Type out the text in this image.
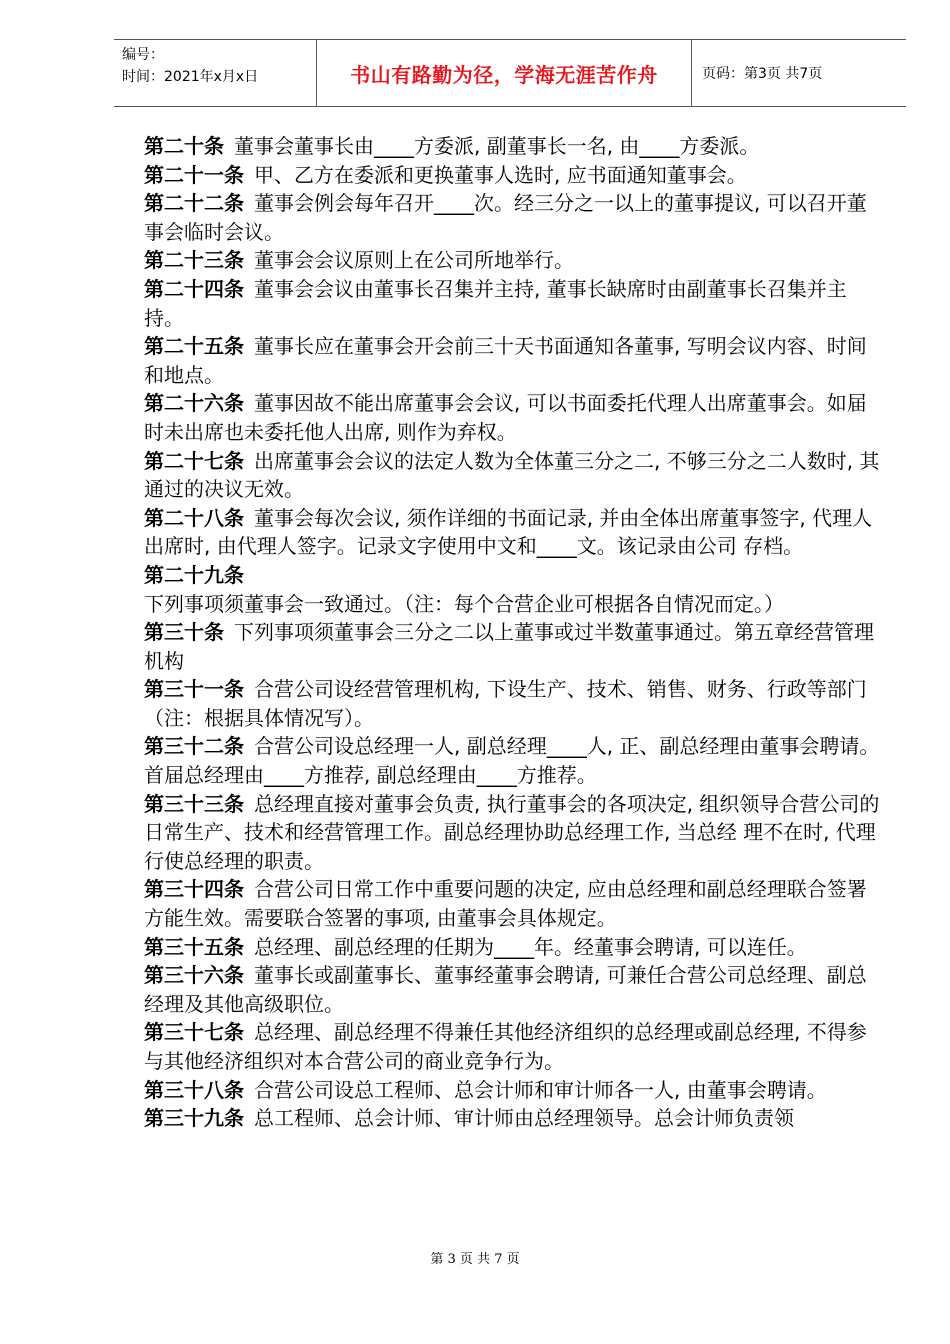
编号：
时间：2021年x月x日	书山有路勤为径，学海无涯苦作舟	页码：第3页 共7页

第二十条 董事会董事长由____方委派, 副董事长一名, 由____方委派。

第二十一条 甲、乙方在委派和更换董事人选时, 应书面通知董事会。

第二十二条 董事会例会每年召开____次。经三分之一以上的董事提议, 可以召开董事会临时会议。

第二十三条 董事会会议原则上在公司所地举行。

第二十四条 董事会会议由董事长召集并主持, 董事长缺席时由副董事长召集并主持。

第二十五条 董事长应在董事会开会前三十天书面通知各董事, 写明会议内容、时间和地点。

第二十六条 董事因故不能出席董事会会议, 可以书面委托代理人出席董事会。如届时未出席也未委托他人出席, 则作为弃权。

第二十七条 出席董事会会议的法定人数为全体董三分之二, 不够三分之二人数时, 其通过的决议无效。

第二十八条 董事会每次会议, 须作详细的书面记录, 并由全体出席董事签字, 代理人出席时, 由代理人签字。记录文字使用中文和____文。该记录由公司 存档。

第二十九条下列事项须董事会一致通过。（注：每个合营企业可根据各自情况而定。）

第三十条 下列事项须董事会三分之二以上董事或过半数董事通过。第五章经营管理机构

第三十一条 合营公司设经营管理机构, 下设生产、技术、销售、财务、行政等部门（注：根据具体情况写）。

第三十二条 合营公司设总经理一人, 副总经理____人, 正、副总经理由董事会聘请。首届总经理由____方推荐, 副总经理由____方推荐。

第三十三条 总经理直接对董事会负责, 执行董事会的各项决定, 组织领导合营公司的日常生产、技术和经营管理工作。副总经理协助总经理工作, 当总经 理不在时, 代理行使总经理的职责。

第三十四条 合营公司日常工作中重要问题的决定, 应由总经理和副总经理联合签署方能生效。需要联合签署的事项, 由董事会具体规定。

第三十五条 总经理、副总经理的任期为____年。经董事会聘请, 可以连任。

第三十六条 董事长或副董事长、董事经董事会聘请, 可兼任合营公司总经理、副总经理及其他高级职位。

第三十七条 总经理、副总经理不得兼任其他经济组织的总经理或副总经理, 不得参与其他经济组织对本合营公司的商业竞争行为。

第三十八条 合营公司设总工程师、总会计师和审计师各一人, 由董事会聘请。

第三十九条 总工程师、总会计师、审计师由总经理领导。总会计师负责领

第 3 页 共 7 页
